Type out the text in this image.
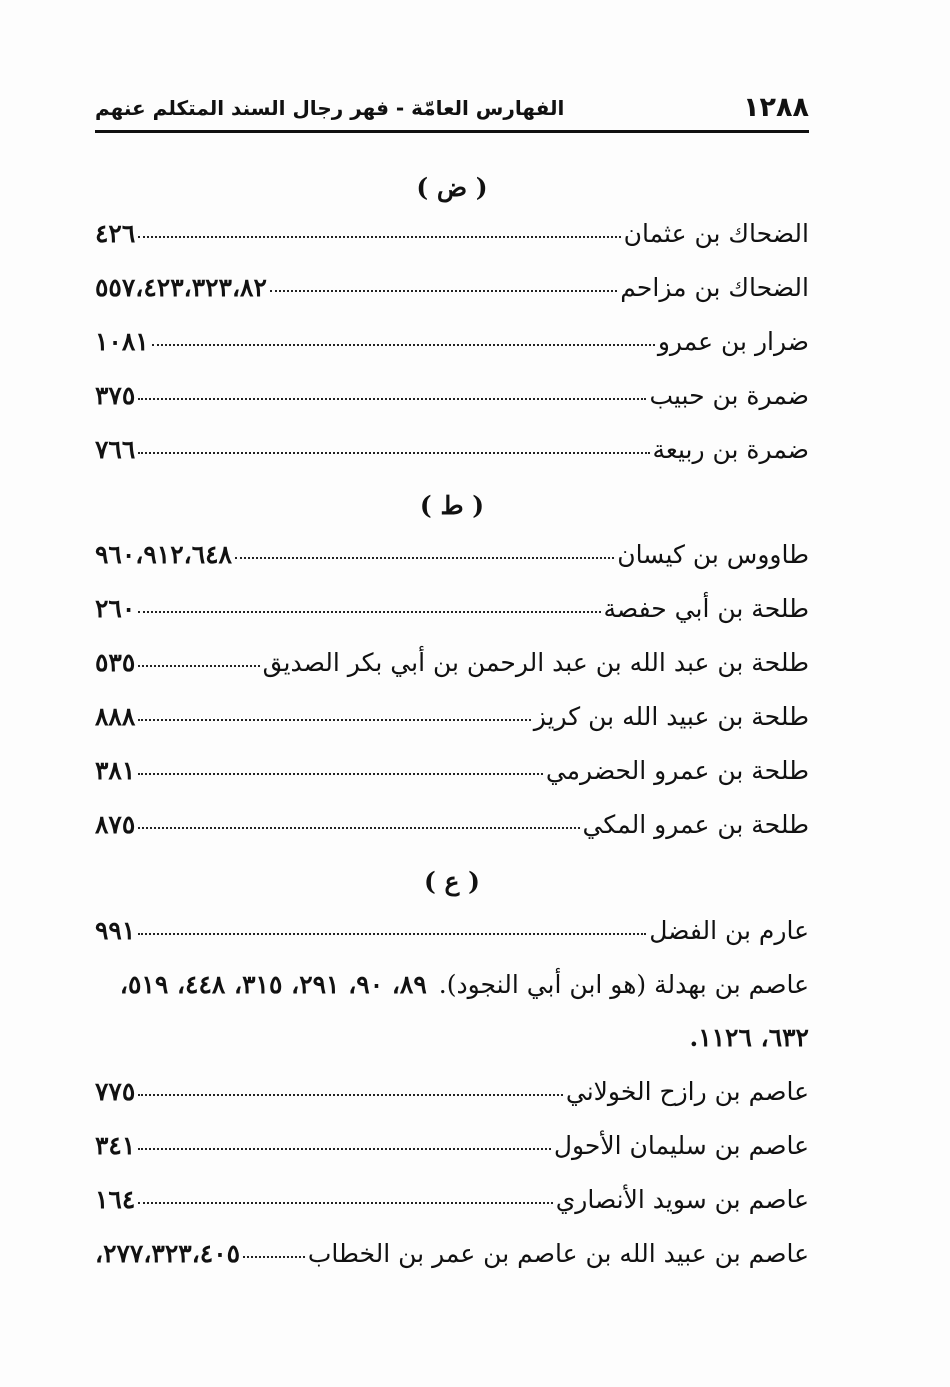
١٢٨٨
الفهارس العامّة - فهر رجال السند المتكلم عنهم
( ض )
الضحاك بن عثمان
٤٢٦
الضحاك بن مزاحم
٥٥٧،٤٢٣،٣٢٣،٨٢
ضرار بن عمرو
١٠٨١
ضمرة بن حبيب
٣٧٥
ضمرة بن ربيعة
٧٦٦
( ط )
طاووس بن كيسان
٩٦٠،٩١٢،٦٤٨
طلحة بن أبي حفصة
٢٦٠
طلحة بن عبد الله بن عبد الرحمن بن أبي بكر الصديق
٥٣٥
طلحة بن عبيد الله بن كريز
٨٨٨
طلحة بن عمرو الحضرمي
٣٨١
طلحة بن عمرو المكي
٨٧٥
( ع )
عارم بن الفضل
٩٩١
عاصم بن بهدلة (هو ابن أبي النجود).
٨٩، ٩٠، ٢٩١، ٣١٥، ٤٤٨، ٥١٩،
٦٣٢، ١١٢٦.
عاصم بن رازح الخولاني
٧٧٥
عاصم بن سليمان الأحول
٣٤١
عاصم بن سويد الأنصاري
١٦٤
عاصم بن عبيد الله بن عاصم بن عمر بن الخطاب
٢٧٧،٣٢٣،٤٠٥،
